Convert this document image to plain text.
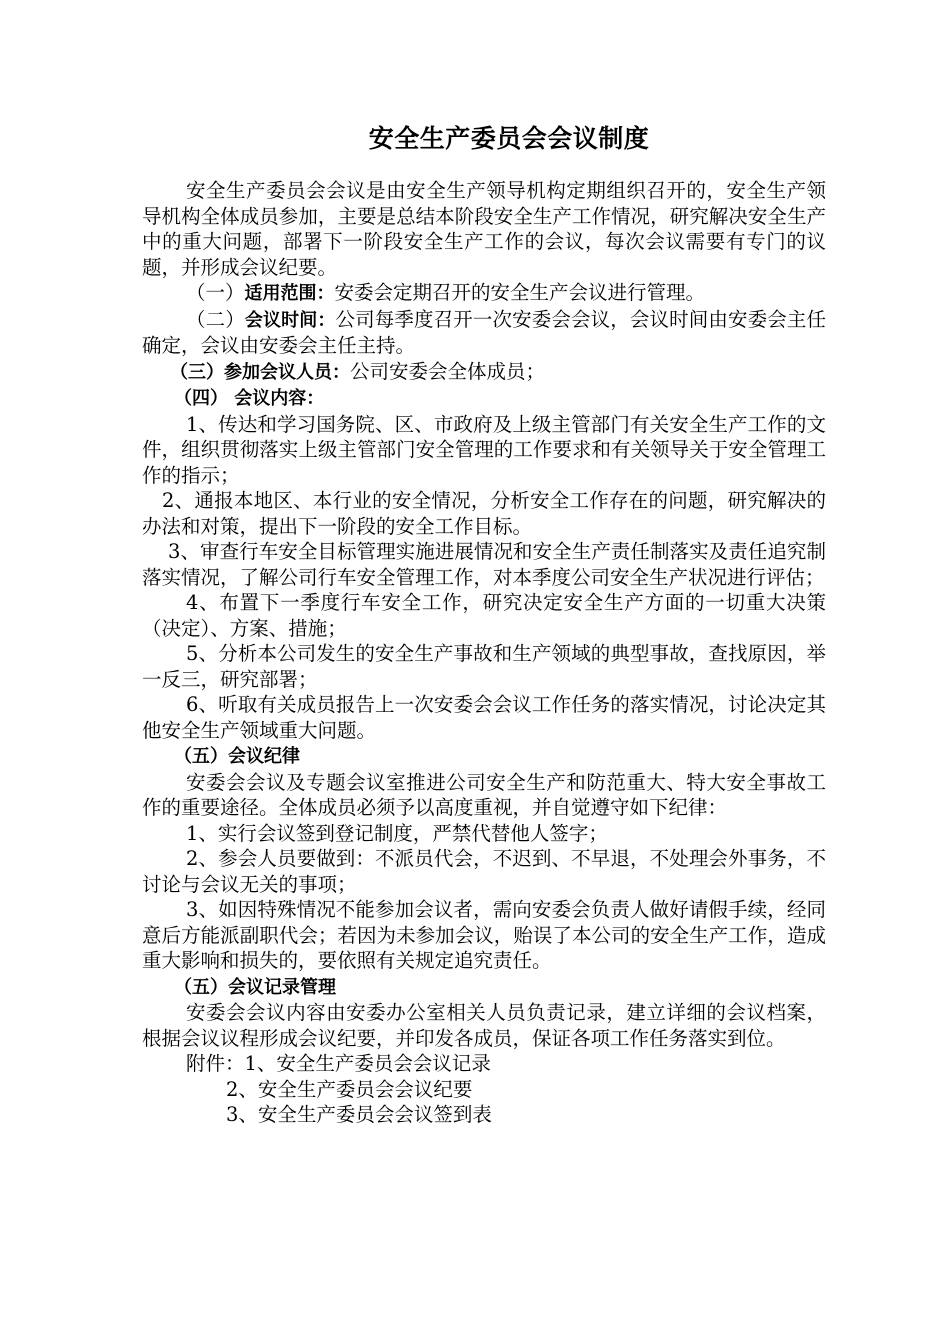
安全生产委员会会议制度

安全生产委员会会议是由安全生产领导机构定期组织召开的，安全生产领导机构全体成员参加，主要是总结本阶段安全生产工作情况，研究解决安全生产中的重大问题，部署下一阶段安全生产工作的会议，每次会议需要有专门的议题，并形成会议纪要。

（一）适用范围：安委会定期召开的安全生产会议进行管理。

（二）会议时间：公司每季度召开一次安委会会议，会议时间由安委会主任确定，会议由安委会主任主持。

（三）参加会议人员：公司安委会全体成员；

（四） 会议内容：

1、传达和学习国务院、区、市政府及上级主管部门有关安全生产工作的文件，组织贯彻落实上级主管部门安全管理的工作要求和有关领导关于安全管理工作的指示；

2、通报本地区、本行业的安全情况，分析安全工作存在的问题，研究解决的办法和对策，提出下一阶段的安全工作目标。

3、审查行车安全目标管理实施进展情况和安全生产责任制落实及责任追究制落实情况，了解公司行车安全管理工作，对本季度公司安全生产状况进行评估；

4、布置下一季度行车安全工作，研究决定安全生产方面的一切重大决策（决定）、方案、措施；

5、分析本公司发生的安全生产事故和生产领域的典型事故，查找原因，举一反三，研究部署；

6、听取有关成员报告上一次安委会会议工作任务的落实情况，讨论决定其他安全生产领域重大问题。

（五）会议纪律

安委会会议及专题会议室推进公司安全生产和防范重大、特大安全事故工作的重要途径。全体成员必须予以高度重视，并自觉遵守如下纪律：

1、实行会议签到登记制度，严禁代替他人签字；

2、参会人员要做到：不派员代会，不迟到、不早退，不处理会外事务，不讨论与会议无关的事项；

3、如因特殊情况不能参加会议者，需向安委会负责人做好请假手续，经同意后方能派副职代会；若因为未参加会议，贻误了本公司的安全生产工作，造成重大影响和损失的，要依照有关规定追究责任。

（五）会议记录管理

安委会会议内容由安委办公室相关人员负责记录，建立详细的会议档案，根据会议议程形成会议纪要，并印发各成员，保证各项工作任务落实到位。

附件：1、安全生产委员会会议记录

2、安全生产委员会会议纪要

3、安全生产委员会会议签到表
